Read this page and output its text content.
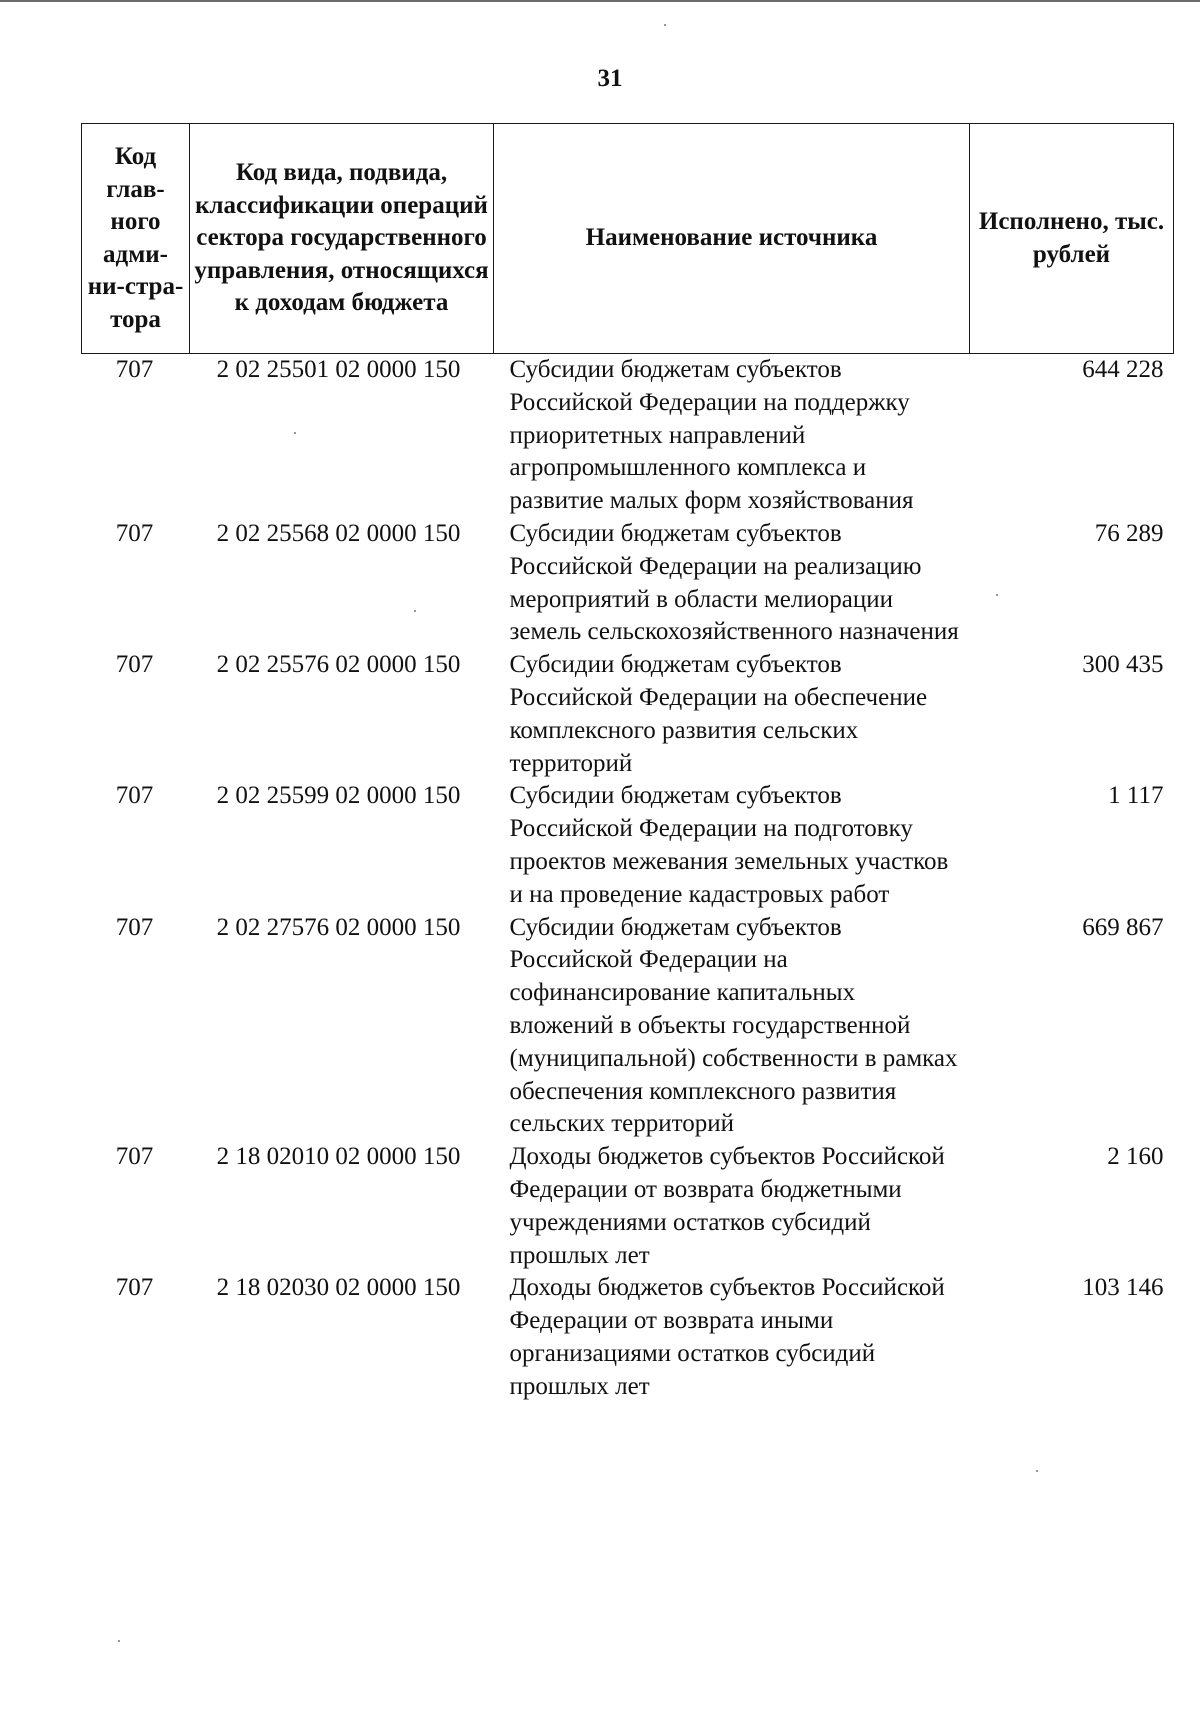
31
Код глав-ного адми-ни-стра-тора	Код вида, подвида, классификации операций сектора государственного управления, относящихся к доходам бюджета	Наименование источника	Исполнено, тыс. рублей
707	2 02 25501 02 0000 150	Субсидии бюджетам субъектов Российской Федерации на поддержку приоритетных направлений агропромышленного комплекса и развитие малых форм хозяйствования	644 228
707	2 02 25568 02 0000 150	Субсидии бюджетам субъектов Российской Федерации на реализацию мероприятий в области мелиорации земель сельскохозяйственного назначения	76 289
707	2 02 25576 02 0000 150	Субсидии бюджетам субъектов Российской Федерации на обеспечение комплексного развития сельских территорий	300 435
707	2 02 25599 02 0000 150	Субсидии бюджетам субъектов Российской Федерации на подготовку проектов межевания земельных участков и на проведение кадастровых работ	1 117
707	2 02 27576 02 0000 150	Субсидии бюджетам субъектов Российской Федерации на софинансирование капитальных вложений в объекты государственной (муниципальной) собственности в рамках обеспечения комплексного развития сельских территорий	669 867
707	2 18 02010 02 0000 150	Доходы бюджетов субъектов Российской Федерации от возврата бюджетными учреждениями остатков субсидий прошлых лет	2 160
707	2 18 02030 02 0000 150	Доходы бюджетов субъектов Российской Федерации от возврата иными организациями остатков субсидий прошлых лет	103 146
